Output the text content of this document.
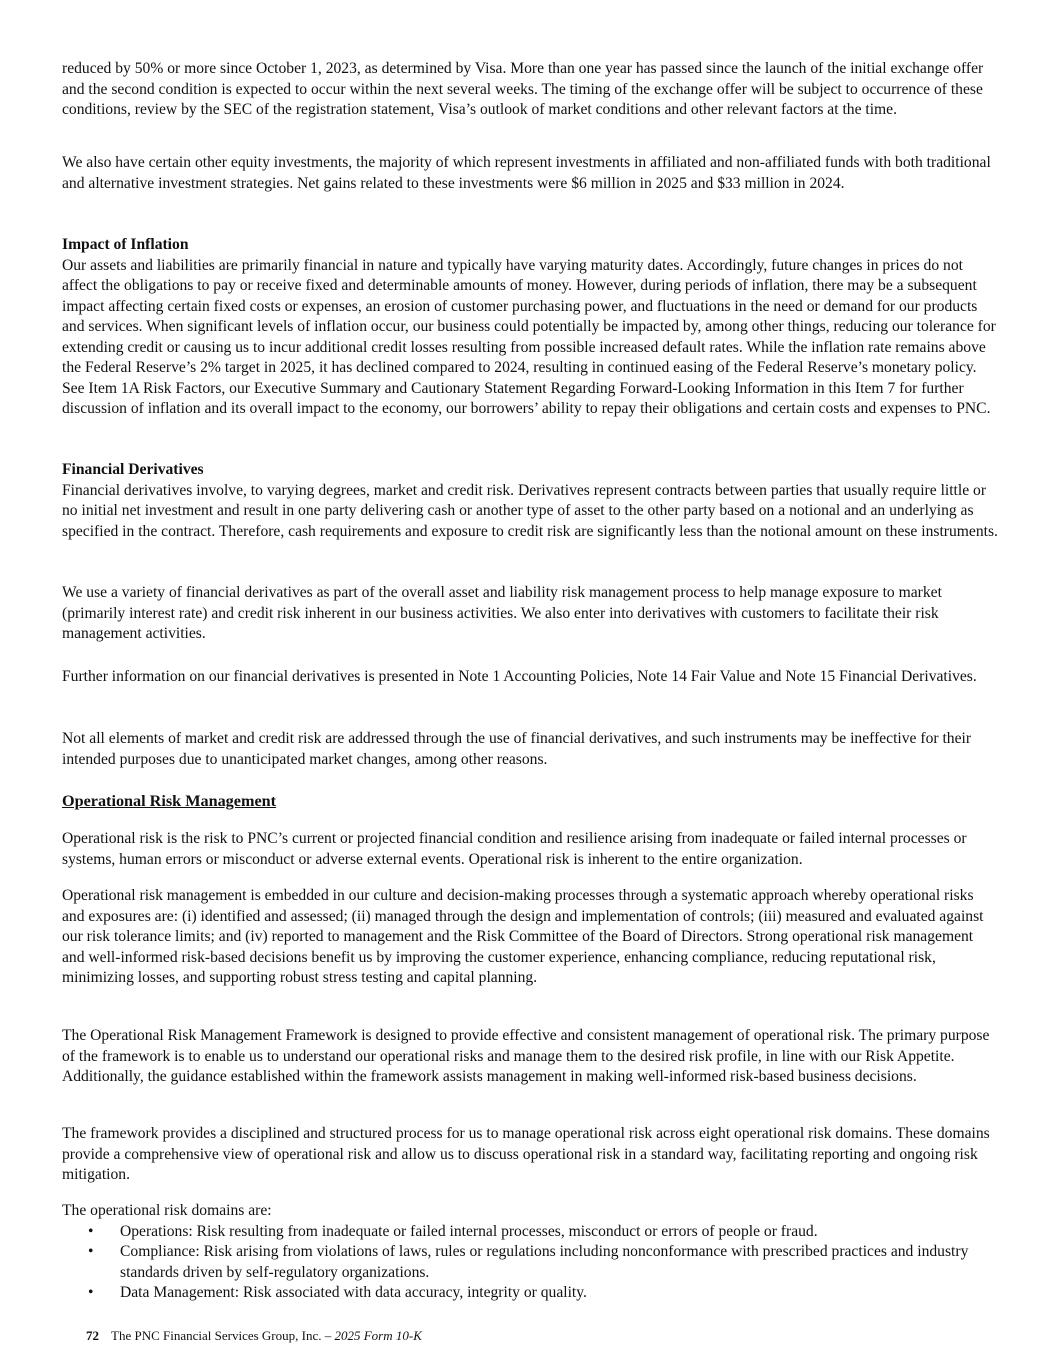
reduced by 50% or more since October 1, 2023, as determined by Visa. More than one year has passed since the launch of the initial exchange offer and the second condition is expected to occur within the next several weeks. The timing of the exchange offer will be subject to occurrence of these conditions, review by the SEC of the registration statement, Visa’s outlook of market conditions and other relevant factors at the time.

We also have certain other equity investments, the majority of which represent investments in affiliated and non-affiliated funds with both traditional and alternative investment strategies. Net gains related to these investments were $6 million in 2025 and $33 million in 2024.

Impact of Inflation
Our assets and liabilities are primarily financial in nature and typically have varying maturity dates. Accordingly, future changes in prices do not affect the obligations to pay or receive fixed and determinable amounts of money. However, during periods of inflation, there may be a subsequent impact affecting certain fixed costs or expenses, an erosion of customer purchasing power, and fluctuations in the need or demand for our products and services. When significant levels of inflation occur, our business could potentially be impacted by, among other things, reducing our tolerance for extending credit or causing us to incur additional credit losses resulting from possible increased default rates. While the inflation rate remains above the Federal Reserve’s 2% target in 2025, it has declined compared to 2024, resulting in continued easing of the Federal Reserve’s monetary policy. See Item 1A Risk Factors, our Executive Summary and Cautionary Statement Regarding Forward-Looking Information in this Item 7 for further discussion of inflation and its overall impact to the economy, our borrowers’ ability to repay their obligations and certain costs and expenses to PNC.
Financial Derivatives
Financial derivatives involve, to varying degrees, market and credit risk. Derivatives represent contracts between parties that usually require little or no initial net investment and result in one party delivering cash or another type of asset to the other party based on a notional and an underlying as specified in the contract. Therefore, cash requirements and exposure to credit risk are significantly less than the notional amount on these instruments.

We use a variety of financial derivatives as part of the overall asset and liability risk management process to help manage exposure to market (primarily interest rate) and credit risk inherent in our business activities. We also enter into derivatives with customers to facilitate their risk management activities.

Further information on our financial derivatives is presented in Note 1 Accounting Policies, Note 14 Fair Value and Note 15 Financial Derivatives.

Not all elements of market and credit risk are addressed through the use of financial derivatives, and such instruments may be ineffective for their intended purposes due to unanticipated market changes, among other reasons.

Operational Risk Management

Operational risk is the risk to PNC’s current or projected financial condition and resilience arising from inadequate or failed internal processes or systems, human errors or misconduct or adverse external events. Operational risk is inherent to the entire organization.

Operational risk management is embedded in our culture and decision-making processes through a systematic approach whereby operational risks and exposures are: (i) identified and assessed; (ii) managed through the design and implementation of controls; (iii) measured and evaluated against our risk tolerance limits; and (iv) reported to management and the Risk Committee of the Board of Directors. Strong operational risk management and well-informed risk-based decisions benefit us by improving the customer experience, enhancing compliance, reducing reputational risk, minimizing losses, and supporting robust stress testing and capital planning.

The Operational Risk Management Framework is designed to provide effective and consistent management of operational risk. The primary purpose of the framework is to enable us to understand our operational risks and manage them to the desired risk profile, in line with our Risk Appetite. Additionally, the guidance established within the framework assists management in making well-informed risk-based business decisions.

The framework provides a disciplined and structured process for us to manage operational risk across eight operational risk domains. These domains provide a comprehensive view of operational risk and allow us to discuss operational risk in a standard way, facilitating reporting and ongoing risk mitigation.

The operational risk domains are:
• Operations: Risk resulting from inadequate or failed internal processes, misconduct or errors of people or fraud.
• Compliance: Risk arising from violations of laws, rules or regulations including nonconformance with prescribed practices and industry standards driven by self-regulatory organizations.
• Data Management: Risk associated with data accuracy, integrity or quality.
72 The PNC Financial Services Group, Inc. – 2025 Form 10-K
